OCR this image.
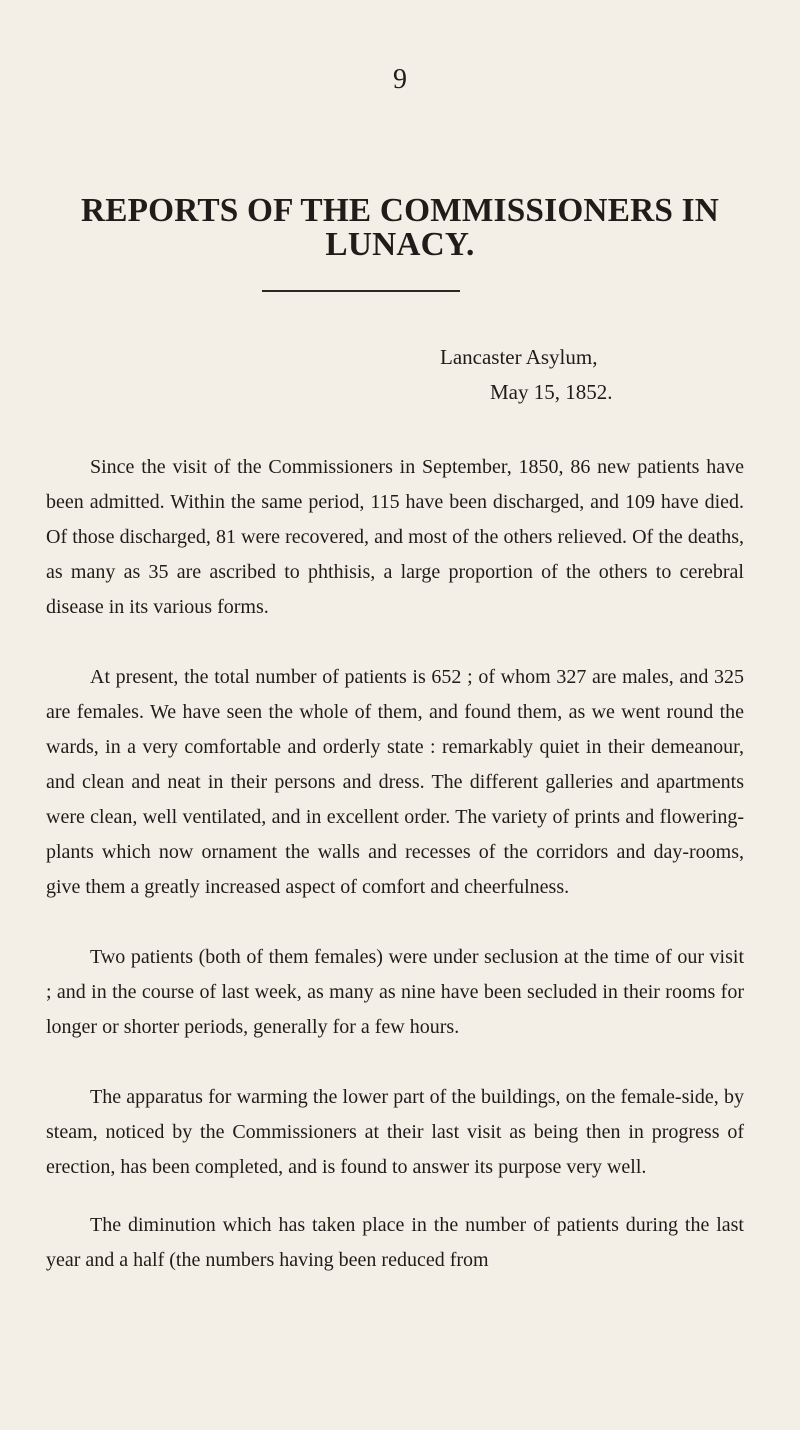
9
REPORTS OF THE COMMISSIONERS IN LUNACY.
Lancaster Asylum,
May 15, 1852.

Since the visit of the Commissioners in September, 1850, 86 new patients have been admitted. Within the same period, 115 have been discharged, and 109 have died. Of those discharged, 81 were recovered, and most of the others relieved. Of the deaths, as many as 35 are ascribed to phthisis, a large proportion of the others to cerebral disease in its various forms.

At present, the total number of patients is 652 ; of whom 327 are males, and 325 are females. We have seen the whole of them, and found them, as we went round the wards, in a very comfortable and orderly state : remarkably quiet in their demeanour, and clean and neat in their persons and dress. The different galleries and apartments were clean, well ventilated, and in excellent order. The variety of prints and flowering-plants which now ornament the walls and recesses of the corridors and day-rooms, give them a greatly increased aspect of comfort and cheerfulness.

Two patients (both of them females) were under seclusion at the time of our visit ; and in the course of last week, as many as nine have been secluded in their rooms for longer or shorter periods, generally for a few hours.

The apparatus for warming the lower part of the buildings, on the female-side, by steam, noticed by the Commissioners at their last visit as being then in progress of erection, has been completed, and is found to answer its purpose very well.

The diminution which has taken place in the number of patients during the last year and a half (the numbers having been reduced from
